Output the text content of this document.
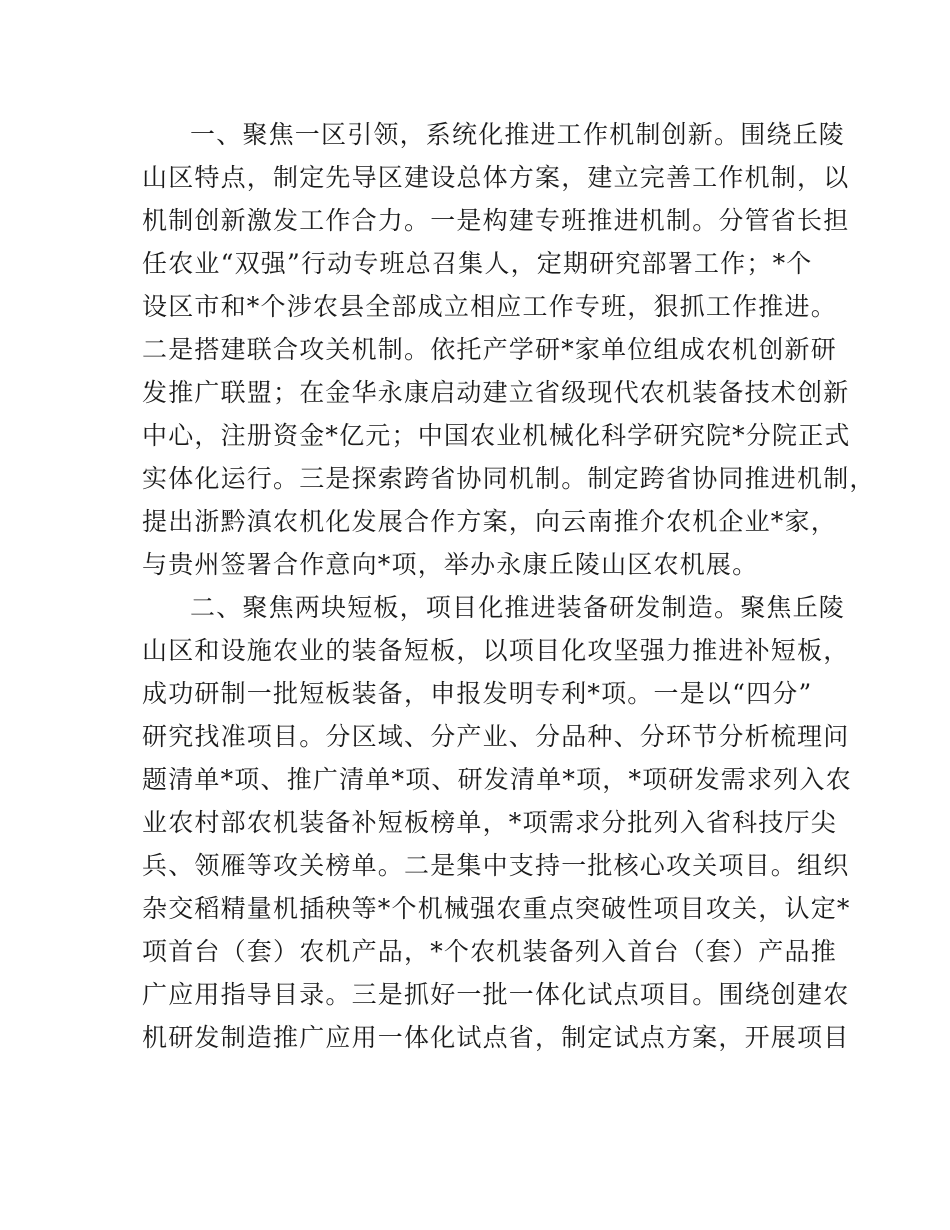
一、聚焦一区引领，系统化推进工作机制创新。围绕丘陵
山区特点，制定先导区建设总体方案，建立完善工作机制，以
机制创新激发工作合力。一是构建专班推进机制。分管省长担
任农业“双强”行动专班总召集人，定期研究部署工作；*个
设区市和*个涉农县全部成立相应工作专班，狠抓工作推进。
二是搭建联合攻关机制。依托产学研*家单位组成农机创新研
发推广联盟；在金华永康启动建立省级现代农机装备技术创新
中心，注册资金*亿元；中国农业机械化科学研究院*分院正式
实体化运行。三是探索跨省协同机制。制定跨省协同推进机制，
提出浙黔滇农机化发展合作方案，向云南推介农机企业*家，
与贵州签署合作意向*项，举办永康丘陵山区农机展。
二、聚焦两块短板，项目化推进装备研发制造。聚焦丘陵
山区和设施农业的装备短板，以项目化攻坚强力推进补短板，
成功研制一批短板装备，申报发明专利*项。一是以“四分”
研究找准项目。分区域、分产业、分品种、分环节分析梳理问
题清单*项、推广清单*项、研发清单*项，*项研发需求列入农
业农村部农机装备补短板榜单，*项需求分批列入省科技厅尖
兵、领雁等攻关榜单。二是集中支持一批核心攻关项目。组织
杂交稻精量机插秧等*个机械强农重点突破性项目攻关，认定*
项首台（套）农机产品，*个农机装备列入首台（套）产品推
广应用指导目录。三是抓好一批一体化试点项目。围绕创建农
机研发制造推广应用一体化试点省，制定试点方案，开展项目
